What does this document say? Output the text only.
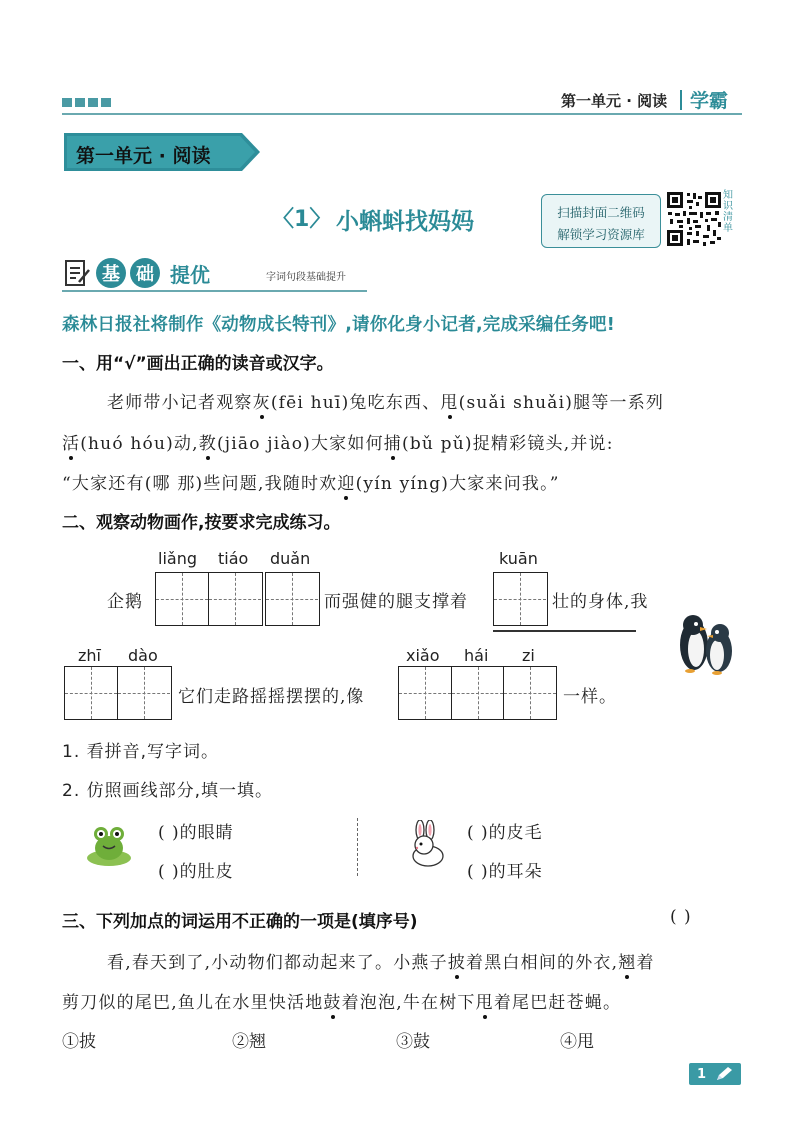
第一单元 · 阅读 学霸
第一单元 · 阅读
〈1〉 小蝌蚪找妈妈	扫描封面二维码
解锁学习资源库
知识清单
基 础 提优	字词句段基础提升
森林日报社将制作《动物成长特刊》,请你化身小记者,完成采编任务吧!
一、用“√”画出正确的读音或汉字。
老师带小记者观察灰(fēi huī)兔吃东西、甩(suǎi shuǎi)腿等一系列
活(huó hóu)动,教(jiāo jiào)大家如何捕(bǔ pǔ)捉精彩镜头,并说:
“大家还有(哪 那)些问题,我随时欢迎(yín yíng)大家来问我。”
二、观察动物画作,按要求完成练习。
liǎng tiáo duǎn	kuān
企鹅	而强健的腿支撑着	壮的身体,我
zhī dào	xiǎo hái zi
它们走路摇摇摆摆的,像	一样。
1. 看拼音,写字词。
2. 仿照画线部分,填一填。
( )的眼睛
( )的肚皮
( )的皮毛
( )的耳朵
三、下列加点的词运用不正确的一项是(填序号)	( )
看,春天到了,小动物们都动起来了。小燕子披着黑白相间的外衣,翘着
剪刀似的尾巴,鱼儿在水里快活地鼓着泡泡,牛在树下甩着尾巴赶苍蝇。
①披	②翘	③鼓	④甩
1
